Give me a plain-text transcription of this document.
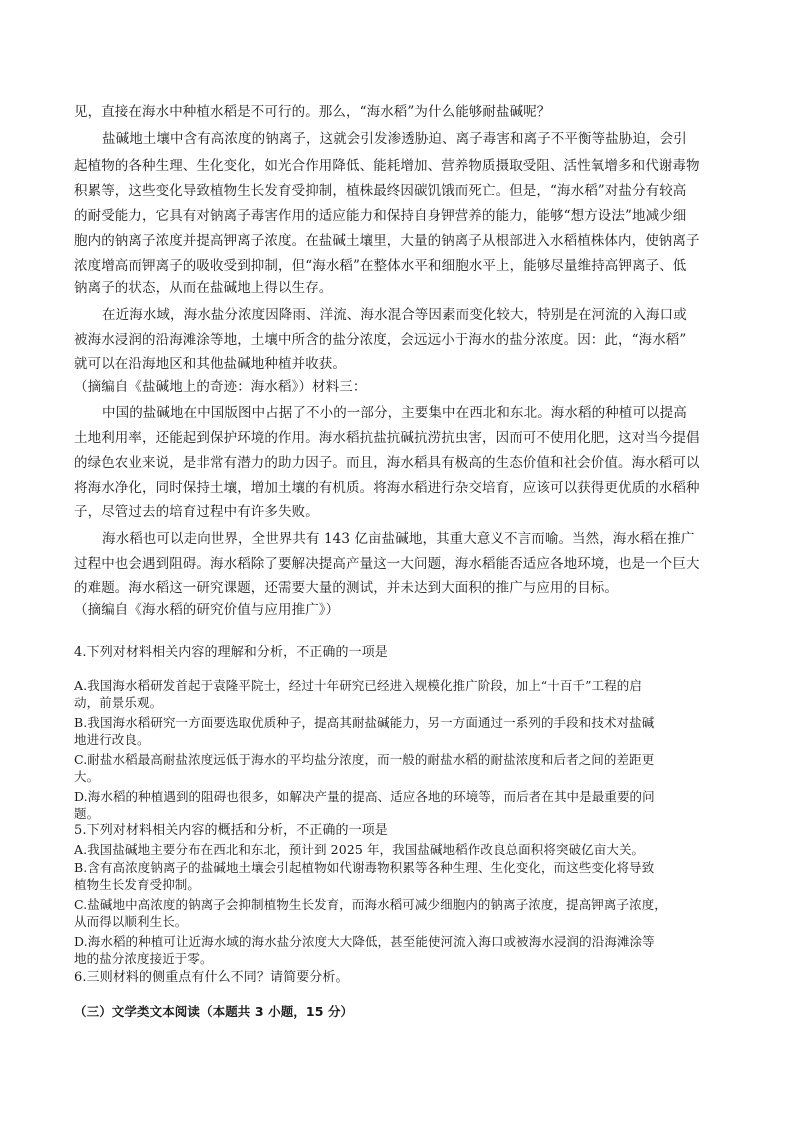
见，直接在海水中种植水稻是不可行的。那么，“海水稻”为什么能够耐盐碱呢？
盐碱地土壤中含有高浓度的钠离子，这就会引发渗透胁迫、离子毒害和离子不平衡等盐胁迫，会引
起植物的各种生理、生化变化，如光合作用降低、能耗增加、营养物质摄取受阻、活性氧增多和代谢毒物
积累等，这些变化导致植物生长发育受抑制，植株最终因碳饥饿而死亡。但是，“海水稻”对盐分有较高
的耐受能力，它具有对钠离子毒害作用的适应能力和保持自身钾营养的能力，能够“想方设法”地减少细
胞内的钠离子浓度并提高钾离子浓度。在盐碱土壤里，大量的钠离子从根部进入水稻植株体内，使钠离子
浓度增高而钾离子的吸收受到抑制，但“海水稻”在整体水平和细胞水平上，能够尽量维持高钾离子、低
钠离子的状态，从而在盐碱地上得以生存。
在近海水域，海水盐分浓度因降雨、洋流、海水混合等因素而变化较大，特别是在河流的入海口或
被海水浸润的沿海滩涂等地，土壤中所含的盐分浓度，会远远小于海水的盐分浓度。因：此，“海水稻”
就可以在沿海地区和其他盐碱地种植并收获。
（摘编自《盐碱地上的奇迹：海水稻》）材料三：
中国的盐碱地在中国版图中占据了不小的一部分，主要集中在西北和东北。海水稻的种植可以提高
土地利用率，还能起到保护环境的作用。海水稻抗盐抗碱抗涝抗虫害，因而可不使用化肥，这对当今提倡
的绿色农业来说，是非常有潜力的助力因子。而且，海水稻具有极高的生态价值和社会价值。海水稻可以
将海水净化，同时保持土壤，增加土壤的有机质。将海水稻进行杂交培育，应该可以获得更优质的水稻种
子，尽管过去的培育过程中有许多失败。
海水稻也可以走向世界，全世界共有 143 亿亩盐碱地，其重大意义不言而喻。当然，海水稻在推广
过程中也会遇到阻碍。海水稻除了要解决提高产量这一大问题，海水稻能否适应各地环境，也是一个巨大
的难题。海水稻这一研究课题，还需要大量的测试，并未达到大面积的推广与应用的目标。
（摘编自《海水稻的研究价值与应用推广》）
4.下列对材料相关内容的理解和分析，不正确的一项是
A.我国海水稻研发首起于袁隆平院士，经过十年研究已经进入规模化推广阶段，加上“十百千”工程的启
动，前景乐观。
B.我国海水稻研究一方面要选取优质种子，提高其耐盐碱能力，另一方面通过一系列的手段和技术对盐碱
地进行改良。
C.耐盐水稻最高耐盐浓度远低于海水的平均盐分浓度，而一般的耐盐水稻的耐盐浓度和后者之间的差距更
大。
D.海水稻的种植遇到的阻碍也很多，如解决产量的提高、适应各地的环境等，而后者在其中是最重要的问
题。
5.下列对材料相关内容的概括和分析，不正确的一项是
A.我国盐碱地主要分布在西北和东北，预计到 2025 年，我国盐碱地稻作改良总面积将突破亿亩大关。
B.含有高浓度钠离子的盐碱地土壤会引起植物如代谢毒物积累等各种生理、生化变化，而这些变化将导致
植物生长发育受抑制。
C.盐碱地中高浓度的钠离子会抑制植物生长发育，而海水稻可减少细胞内的钠离子浓度，提高钾离子浓度，
从而得以顺利生长。
D.海水稻的种植可让近海水域的海水盐分浓度大大降低，甚至能使河流入海口或被海水浸润的沿海滩涂等
地的盐分浓度接近于零。
6.三则材料的侧重点有什么不同？请简要分析。
（三）文学类文本阅读（本题共 3 小题，15 分）
